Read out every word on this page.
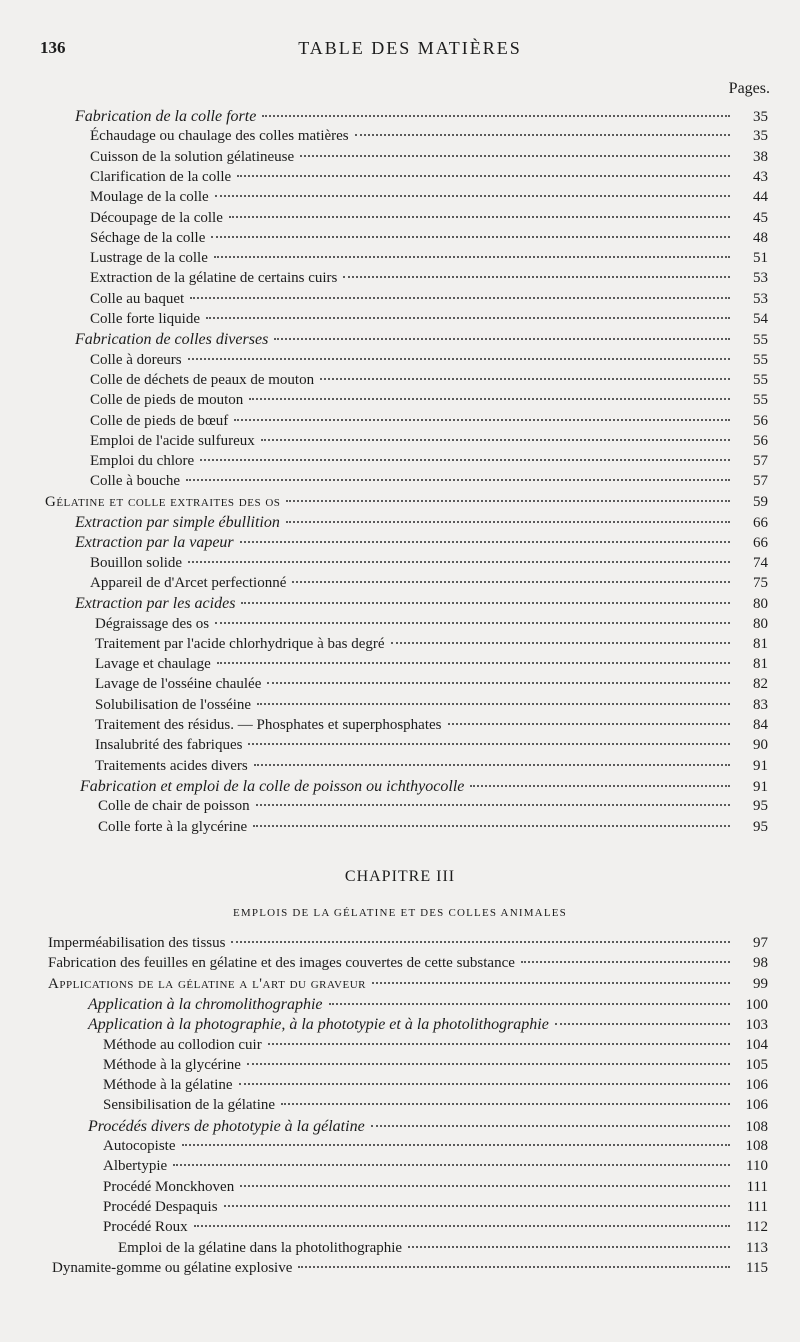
136	TABLE DES MATIÈRES
Pages.
Fabrication de la colle forte	35
Échaudage ou chaulage des colles matières	35
Cuisson de la solution gélatineuse	38
Clarification de la colle	43
Moulage de la colle	44
Découpage de la colle	45
Séchage de la colle	48
Lustrage de la colle	51
Extraction de la gélatine de certains cuirs	53
Colle au baquet	53
Colle forte liquide	54
Fabrication de colles diverses	55
Colle à doreurs	55
Colle de déchets de peaux de mouton	55
Colle de pieds de mouton	55
Colle de pieds de bœuf	56
Emploi de l'acide sulfureux	56
Emploi du chlore	57
Colle à bouche	57
Gélatine et colle extraites des os	59
Extraction par simple ébullition	66
Extraction par la vapeur	66
Bouillon solide	74
Appareil de d'Arcet perfectionné	75
Extraction par les acides	80
Dégraissage des os	80
Traitement par l'acide chlorhydrique à bas degré	81
Lavage et chaulage	81
Lavage de l'osséine chaulée	82
Solubilisation de l'osséine	83
Traitement des résidus. — Phosphates et superphosphates	84
Insalubrité des fabriques	90
Traitements acides divers	91
Fabrication et emploi de la colle de poisson ou ichthyocolle	91
Colle de chair de poisson	95
Colle forte à la glycérine	95
CHAPITRE III
EMPLOIS DE LA GÉLATINE ET DES COLLES ANIMALES
Imperméabilisation des tissus	97
Fabrication des feuilles en gélatine et des images couvertes de cette substance	98
Applications de la gélatine a l'art du graveur	99
Application à la chromolithographie	100
Application à la photographie, à la phototypie et à la photolithographie	103
Méthode au collodion cuir	104
Méthode à la glycérine	105
Méthode à la gélatine	106
Sensibilisation de la gélatine	106
Procédés divers de phototypie à la gélatine	108
Autocopiste	108
Albertypie	110
Procédé Monckhoven	111
Procédé Despaquis	111
Procédé Roux	112
Emploi de la gélatine dans la photolithographie	113
Dynamite-gomme ou gélatine explosive	115
